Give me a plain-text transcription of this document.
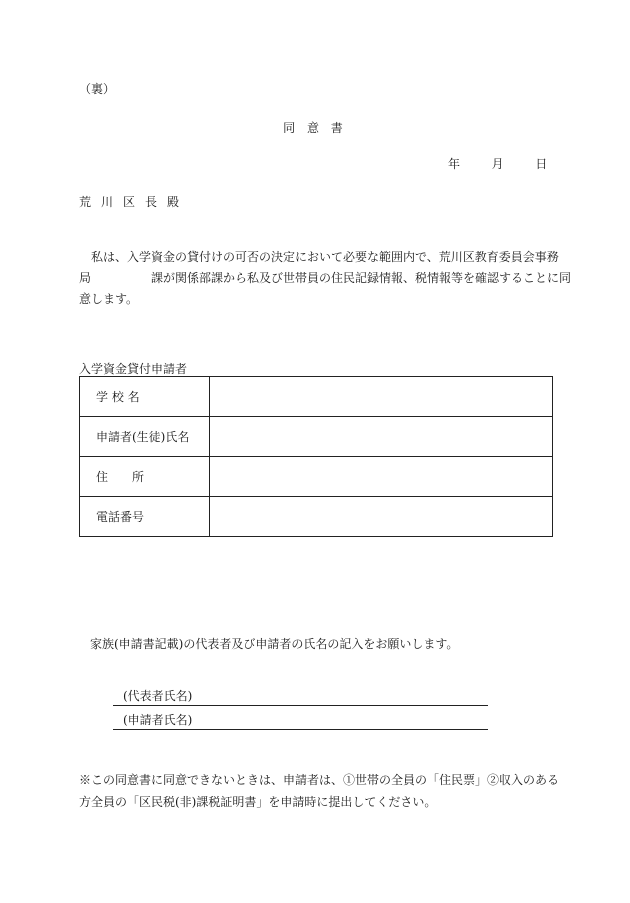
（裏）
同 意 書
年	月	日
荒川区長殿
　私は、入学資金の貸付けの可否の決定において必要な範囲内で、荒川区教育委員会事務
局　　　　　課が関係部課から私及び世帯員の住民記録情報、税情報等を確認することに同
意します。
入学資金貸付申請者
学 校 名	
申請者(生徒)氏名	
住　　所	
電話番号	
家族(申請書記載)の代表者及び申請者の氏名の記入をお願いします。
(代表者氏名)
(申請者氏名)
※この同意書に同意できないときは、申請者は、①世帯の全員の「住民票」②収入のある
方全員の「区民税(非)課税証明書」を申請時に提出してください。
